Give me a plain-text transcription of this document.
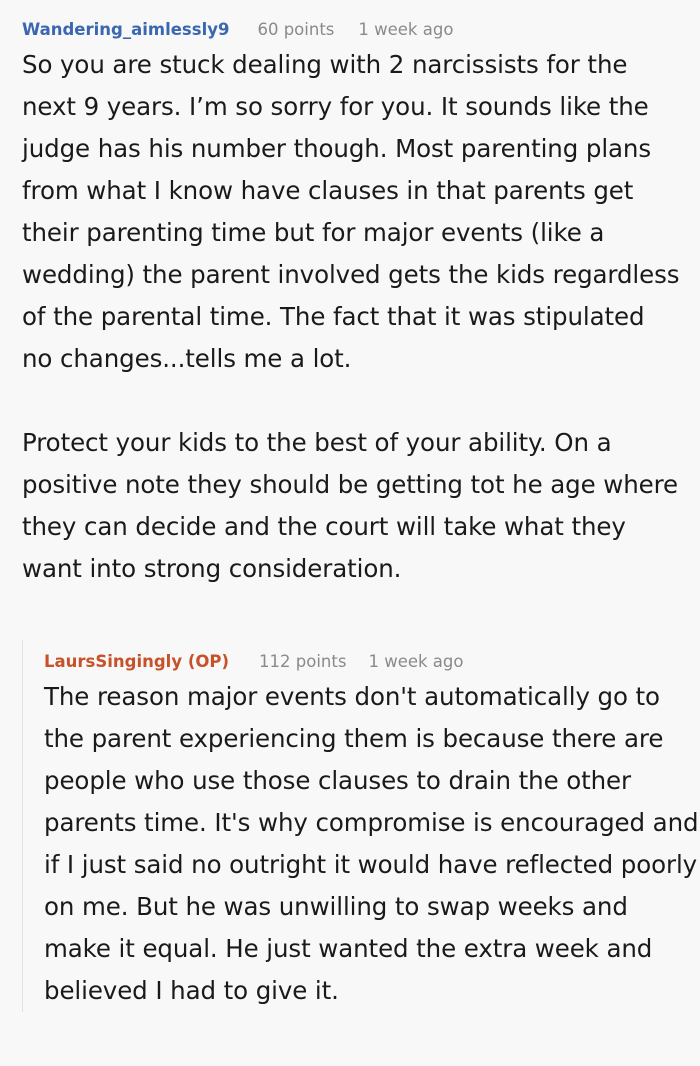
Wandering_aimlessly9 60 points 1 week ago

So you are stuck dealing with 2 narcissists for the next 9 years. I’m so sorry for you. It sounds like the judge has his number though. Most parenting plans from what I know have clauses in that parents get their parenting time but for major events (like a wedding) the parent involved gets the kids regardless of the parental time. The fact that it was stipulated no changes...tells me a lot.

Protect your kids to the best of your ability. On a positive note they should be getting tot he age where they can decide and the court will take what they want into strong consideration.

LaursSingingly (OP) 112 points 1 week ago

The reason major events don't automatically go to the parent experiencing them is because there are people who use those clauses to drain the other parents time. It's why compromise is encouraged and if I just said no outright it would have reflected poorly on me. But he was unwilling to swap weeks and make it equal. He just wanted the extra week and believed I had to give it.
